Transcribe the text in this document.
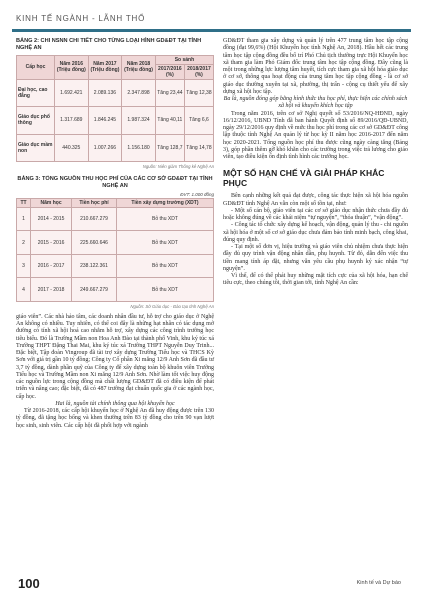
KINH TẾ NGÀNH - LÃNH THỔ
BẢNG 2: CHI NSNN CHI TIẾT CHO TỪNG LOẠI HÌNH GD&ĐT TẠI TỈNH NGHỆ AN
Cấp học	Năm 2016 (Triệu đồng)	Năm 2017 (Triệu đồng)	Năm 2018 (Triệu đồng)	So sánh	
				2017/2016 (%)	2018/2017 (%)
Đại học, cao đẳng	1.692.421	2.089.136	2.347.898	Tăng 23,44	Tăng 12,38
Giáo dục phổ thông	1.317.689	1.846.245	1.987.324	Tăng 40,11	Tăng 6,6
Giáo dục mầm non	440.325	1.007.266	1.156.180	Tăng 128,7	Tăng 14,78
Nguồn: Niên giám Thống kê Nghệ An
BẢNG 3: TỔNG NGUỒN THU HỌC PHÍ CỦA CÁC CƠ SỞ GD&ĐT TẠI TỈNH NGHỆ AN
ĐVT: 1.000 đồng
TT	Năm học	Tiền học phí	Tiền xây dựng trường (XDT)
1	2014 - 2015	210.667.279	Bỏ thu XDT
2	2015 - 2016	225.660.646	Bỏ thu XDT
3	2016 - 2017	238.122.361	Bỏ thu XDT
4	2017 - 2018	249.667.279	Bỏ thu XDT
Nguồn: Sở Giáo dục - Đào tạo tỉnh Nghệ An

giáo viên”. Các nhà hảo tâm, các doanh nhân đầu tư, hỗ trợ cho giáo dục ở Nghệ An không có nhiều. Tuy nhiên, có thể coi đây là những hạt nhân có tác dụng mở đường có tính xã hội hoá cao nhằm hỗ trợ, xây dựng các công trình trường học tiêu biểu. Đó là Trường Mầm non Hoa Anh Đào tại thành phố Vinh, khu ký túc xá Trường THPT Đặng Thai Mai, khu ký túc xá Trường THPT Nguyễn Duy Trinh... Đặc biệt, Tập đoàn Vingroup đã tài trợ xây dựng Trường Tiểu học và THCS Kỳ Sơn với giá trị gần 10 tỷ đồng; Công ty Cổ phần Xi măng 12/9 Anh Sơn đã đầu tư 3,7 tỷ đồng, dành phần quỹ của Công ty để xây dựng toàn bộ khuôn viên Trường Tiểu học và Trường Mầm non Xi măng 12/9 Anh Sơn. Nhờ làm tốt việc huy động các nguồn lực trong cộng đồng mà chất lượng GD&ĐT đã có điều kiện để phát triển và nâng cao; đặc biệt, đã có 487 trường đạt chuẩn quốc gia ở các ngành học, cấp học.

Hai là, nguồn tài chính thông qua hội khuyến học

Từ 2016-2018, các cấp hội khuyến học ở Nghệ An đã huy động được trên 130 tỷ đồng, đã tặng học bổng và khen thưởng trên 83 tỷ đồng cho trên 90 vạn lượt học sinh, sinh viên. Các cấp hội đã phối hợp với ngành

GD&ĐT tham gia xây dựng và quản lý trên 477 trung tâm học tập cộng đồng (đạt 99,6%) (Hội Khuyến học tỉnh Nghệ An, 2018). Hầu hết các trung tâm học tập cộng đồng đều bố trí Phó Chủ tịch thường trực Hội Khuyến học xã tham gia làm Phó Giám đốc trung tâm học tập cộng đồng. Đây cũng là một trong những lực lượng tâm huyết, tích cực tham gia xã hội hóa giáo dục ở cơ sở, thông qua hoạt động của trung tâm học tập cộng đồng - là cơ sở giáo dục thường xuyên tại xã, phường, thị trấn - cộng cụ thiết yếu để xây dựng xã hội học tập.

Ba là, nguồn đóng góp bằng hình thức thu học phí, thực hiện các chính sách xã hội và khuyến khích học tập

Trong năm 2016, trên cơ sở Nghị quyết số 53/2016/NQ-HĐND, ngày 16/12/2016, UBND Tỉnh đã ban hành Quyết định số 89/2016/QĐ-UBND, ngày 29/12/2016 quy định về mức thu học phí trong các cơ sở GD&ĐT công lập thuộc tỉnh Nghệ An quản lý từ học kỳ II năm học 2016-2017 đến năm học 2020-2021. Tổng nguồn học phí thu được cũng ngày càng tăng (Bảng 3), góp phần thêm gỡ khó khăn cho các trường trong việc trả lương cho giáo viên, tạo điều kiện ổn định tình hình các trường học.

MỘT SỐ HẠN CHẾ VÀ GIẢI PHÁP KHẮC PHỤC

Bên cạnh những kết quả đạt được, công tác thực hiện xã hội hóa nguồn GD&ĐT tỉnh Nghệ An vẫn còn một số tồn tại, như:

- Một số cán bộ, giáo viên tại các cơ sở giáo dục nhận thức chưa đầy đủ hoặc không đúng về các khái niệm “tự nguyện”, “thỏa thuận”, “vận động”.

- Công tác tổ chức xây dựng kế hoạch, vận động, quản lý thu - chi nguồn xã hội hóa ở một số cơ sở giáo dục chưa đảm bảo tính minh bạch, công khai, đúng quy định.

- Tại một số đơn vị, hiệu trưởng và giáo viên chủ nhiệm chưa thực hiện đầy đủ quy trình vận động nhân dân, phụ huynh. Từ đó, dẫn đến việc thu tiền mang tính áp đặt, nhưng vẫn yêu cầu phụ huynh ký xác nhận “tự nguyện”.

Vì thế, để có thể phát huy những mặt tích cực của xã hội hóa, hạn chế tiêu cực, theo chúng tôi, thời gian tới, tỉnh Nghệ An cần:

100	Kinh tế và Dự báo
